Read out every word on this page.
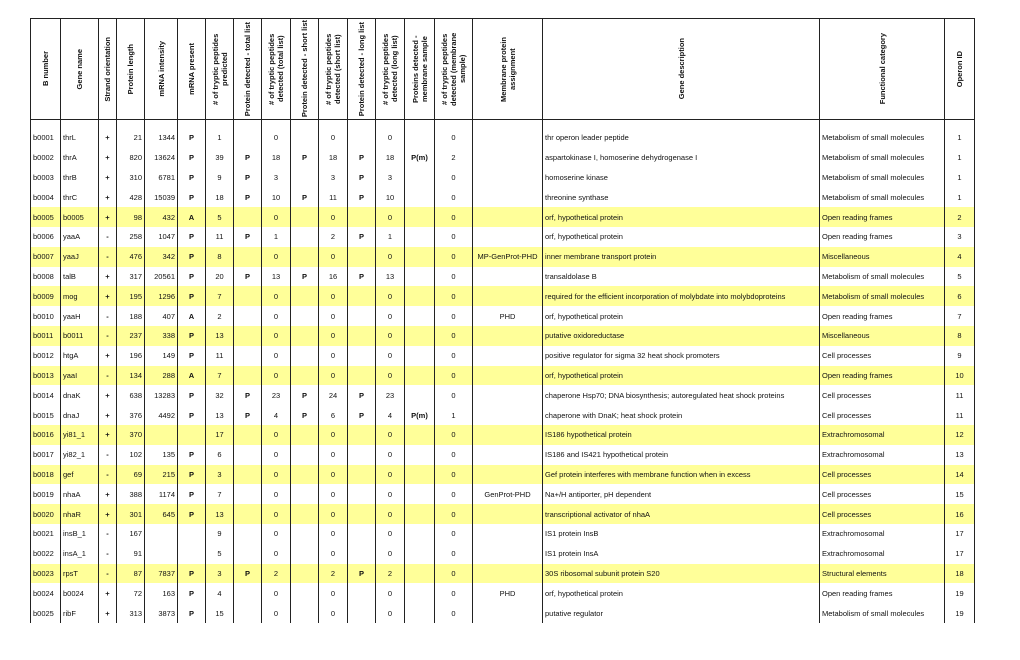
B number	Gene name	Strand orientation	Protein length	mRNA intensity	mRNA present	# of tryptic peptides predicted	Protein detected - total list	# of tryptic peptides detected (total list)	Protein detected - short list	# of tryptic peptides detected (short list)	Protein detected - long list	# of tryptic peptides detected (long list)	Proteins detected - membrane sample	# of tryptic peptides detected (membrane sample)	Membrane protein assignment	Gene description	Functional category	Operon ID

b0001	thrL	+	21	1344	P	1		0		0		0		0		thr operon leader peptide	Metabolism of small molecules	1
b0002	thrA	+	820	13624	P	39	P	18	P	18	P	18	P(m)	2		aspartokinase I, homoserine dehydrogenase I	Metabolism of small molecules	1
b0003	thrB	+	310	6781	P	9	P	3		3	P	3		0		homoserine kinase	Metabolism of small molecules	1
b0004	thrC	+	428	15039	P	18	P	10	P	11	P	10		0		threonine synthase	Metabolism of small molecules	1
b0005	b0005	+	98	432	A	5		0		0		0		0		orf, hypothetical protein	Open reading frames	2
b0006	yaaA	-	258	1047	P	11	P	1		2	P	1		0		orf, hypothetical protein	Open reading frames	3
b0007	yaaJ	-	476	342	P	8		0		0		0		0	MP-GenProt-PHD	inner membrane transport protein	Miscellaneous	4
b0008	talB	+	317	20561	P	20	P	13	P	16	P	13		0		transaldolase B	Metabolism of small molecules	5
b0009	mog	+	195	1296	P	7		0		0		0		0		required for the efficient incorporation of molybdate into molybdoproteins	Metabolism of small molecules	6
b0010	yaaH	-	188	407	A	2		0		0		0		0	PHD	orf, hypothetical protein	Open reading frames	7
b0011	b0011	-	237	338	P	13		0		0		0		0		putative oxidoreductase	Miscellaneous	8
b0012	htgA	+	196	149	P	11		0		0		0		0		positive regulator for sigma 32 heat shock promoters	Cell processes	9
b0013	yaaI	-	134	288	A	7		0		0		0		0		orf, hypothetical protein	Open reading frames	10
b0014	dnaK	+	638	13283	P	32	P	23	P	24	P	23		0		chaperone Hsp70; DNA biosynthesis; autoregulated heat shock proteins	Cell processes	11
b0015	dnaJ	+	376	4492	P	13	P	4	P	6	P	4	P(m)	1		chaperone with DnaK; heat shock protein	Cell processes	11
b0016	yi81_1	+	370			17		0		0		0		0		IS186 hypothetical protein	Extrachromosomal	12
b0017	yi82_1	-	102	135	P	6		0		0		0		0		IS186 and IS421 hypothetical protein	Extrachromosomal	13
b0018	gef	-	69	215	P	3		0		0		0		0		Gef protein interferes with membrane function when in excess	Cell processes	14
b0019	nhaA	+	388	1174	P	7		0		0		0		0	GenProt-PHD	Na+/H antiporter, pH dependent	Cell processes	15
b0020	nhaR	+	301	645	P	13		0		0		0		0		transcriptional activator of nhaA	Cell processes	16
b0021	insB_1	-	167			9		0		0		0		0		IS1 protein InsB	Extrachromosomal	17
b0022	insA_1	-	91			5		0		0		0		0		IS1 protein InsA	Extrachromosomal	17
b0023	rpsT	-	87	7837	P	3	P	2		2	P	2		0		30S ribosomal subunit protein S20	Structural elements	18
b0024	b0024	+	72	163	P	4		0		0		0		0	PHD	orf, hypothetical protein	Open reading frames	19
b0025	ribF	+	313	3873	P	15		0		0		0		0		putative regulator	Metabolism of small molecules	19
